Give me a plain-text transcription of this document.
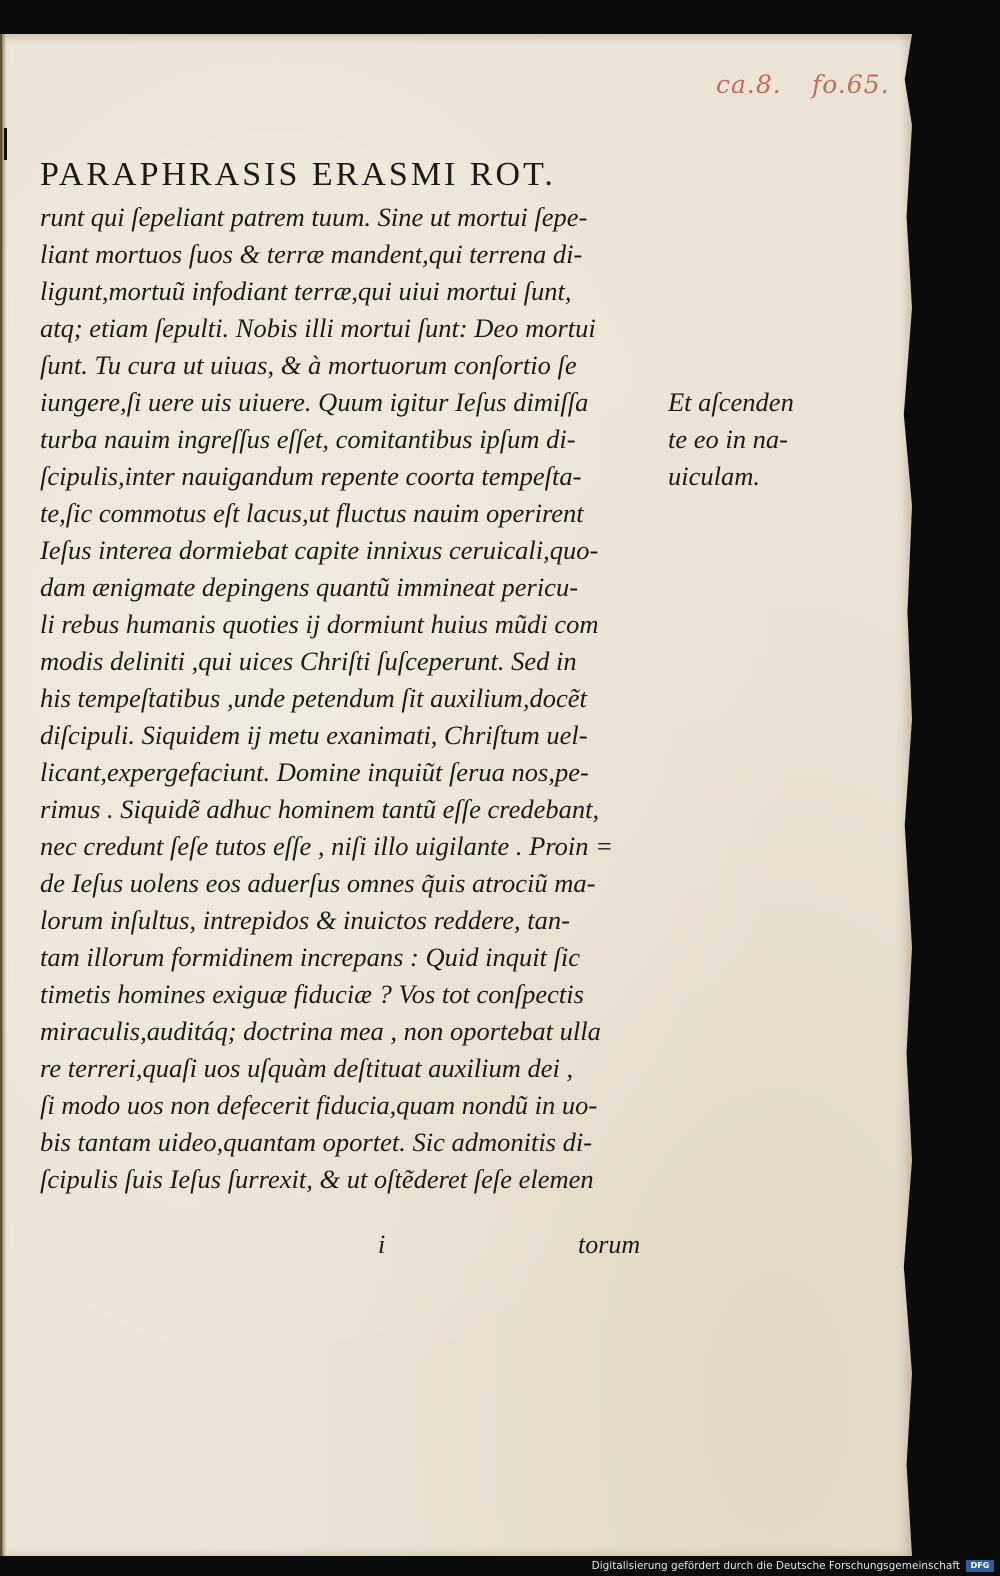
ca.8. fo.65.
PARAPHRASIS ERASMI ROT.
runt qui ſepeliant patrem tuum. Sine ut mortui ſepe-
liant mortuos ſuos & terræ mandent,qui terrena di-
ligunt,mortuũ infodiant terræ,qui uiui mortui ſunt,
atq; etiam ſepulti. Nobis illi mortui ſunt: Deo mortui
ſunt. Tu cura ut uiuas, & à mortuorum conſortio ſe
iungere,ſi uere uis uiuere. Quum igitur Ieſus dimiſſa
turba nauim ingreſſus eſſet, comitantibus ipſum di-
ſcipulis,inter nauigandum repente coorta tempeſta-
te,ſic commotus eſt lacus,ut fluctus nauim operirent
Ieſus interea dormiebat capite innixus ceruicali,quo-
dam ænigmate depingens quantũ immineat pericu-
li rebus humanis quoties ij dormiunt huius mũdi com
modis deliniti ,qui uices Chriſti ſuſceperunt. Sed in
his tempeſtatibus ,unde petendum ſit auxilium,docẽt
diſcipuli. Siquidem ij metu exanimati, Chriſtum uel-
licant,expergefaciunt. Domine inquiũt ſerua nos,pe-
rimus . Siquidẽ adhuc hominem tantũ eſſe credebant,
nec credunt ſeſe tutos eſſe , niſi illo uigilante . Proin =
de Ieſus uolens eos aduerſus omnes q̃uis atrociũ ma-
lorum inſultus, intrepidos & inuictos reddere, tan-
tam illorum formidinem increpans : Quid inquit ſic
timetis homines exiguæ fiduciæ ? Vos tot conſpectis
miraculis,auditáq; doctrina mea , non oportebat ulla
re terreri,quaſi uos uſquàm deſtituat auxilium dei ,
ſi modo uos non defecerit fiducia,quam nondũ in uo-
bis tantam uideo,quantam oportet. Sic admonitis di-
ſcipulis ſuis Ieſus ſurrexit, & ut oſtẽderet ſeſe elemen
Et aſcenden
te eo in na-
uiculam.
i	torum
Digitalisierung gefördert durch die Deutsche Forschungsgemeinschaft	DFG
